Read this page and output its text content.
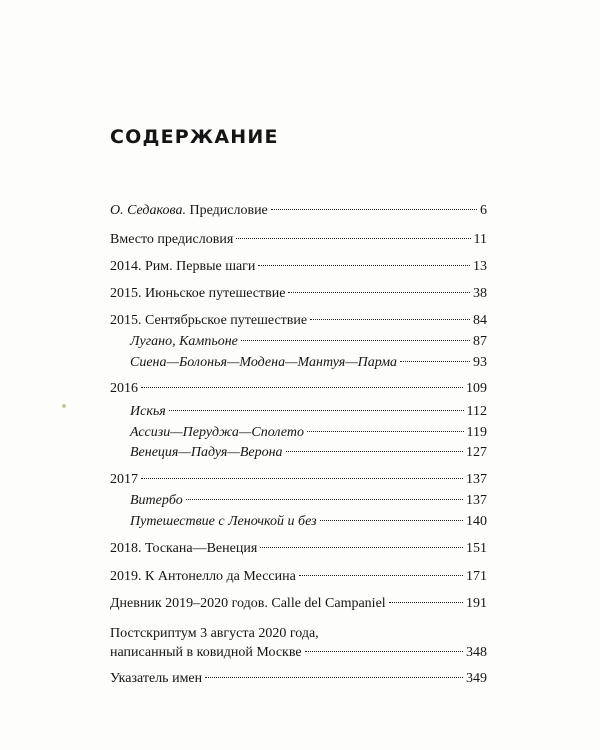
СОДЕРЖАНИЕ
О. Седакова. Предисловие	6
Вместо предисловия	11
2014. Рим. Первые шаги	13
2015. Июньское путешествие	38
2015. Сентябрьское путешествие	84
Лугано, Кампьоне	87
Сиена—Болонья—Модена—Мантуя—Парма	93
2016	109
Искья	112
Ассизи—Перуджа—Сполето	119
Венеция—Падуя—Верона	127
2017	137
Витербо	137
Путешествие с Леночкой и без	140
2018. Тоскана—Венеция	151
2019. К Антонелло да Мессина	171
Дневник 2019–2020 годов. Calle del Campaniel	191
Постскриптум 3 августа 2020 года,
написанный в ковидной Москве	348
Указатель имен	349
